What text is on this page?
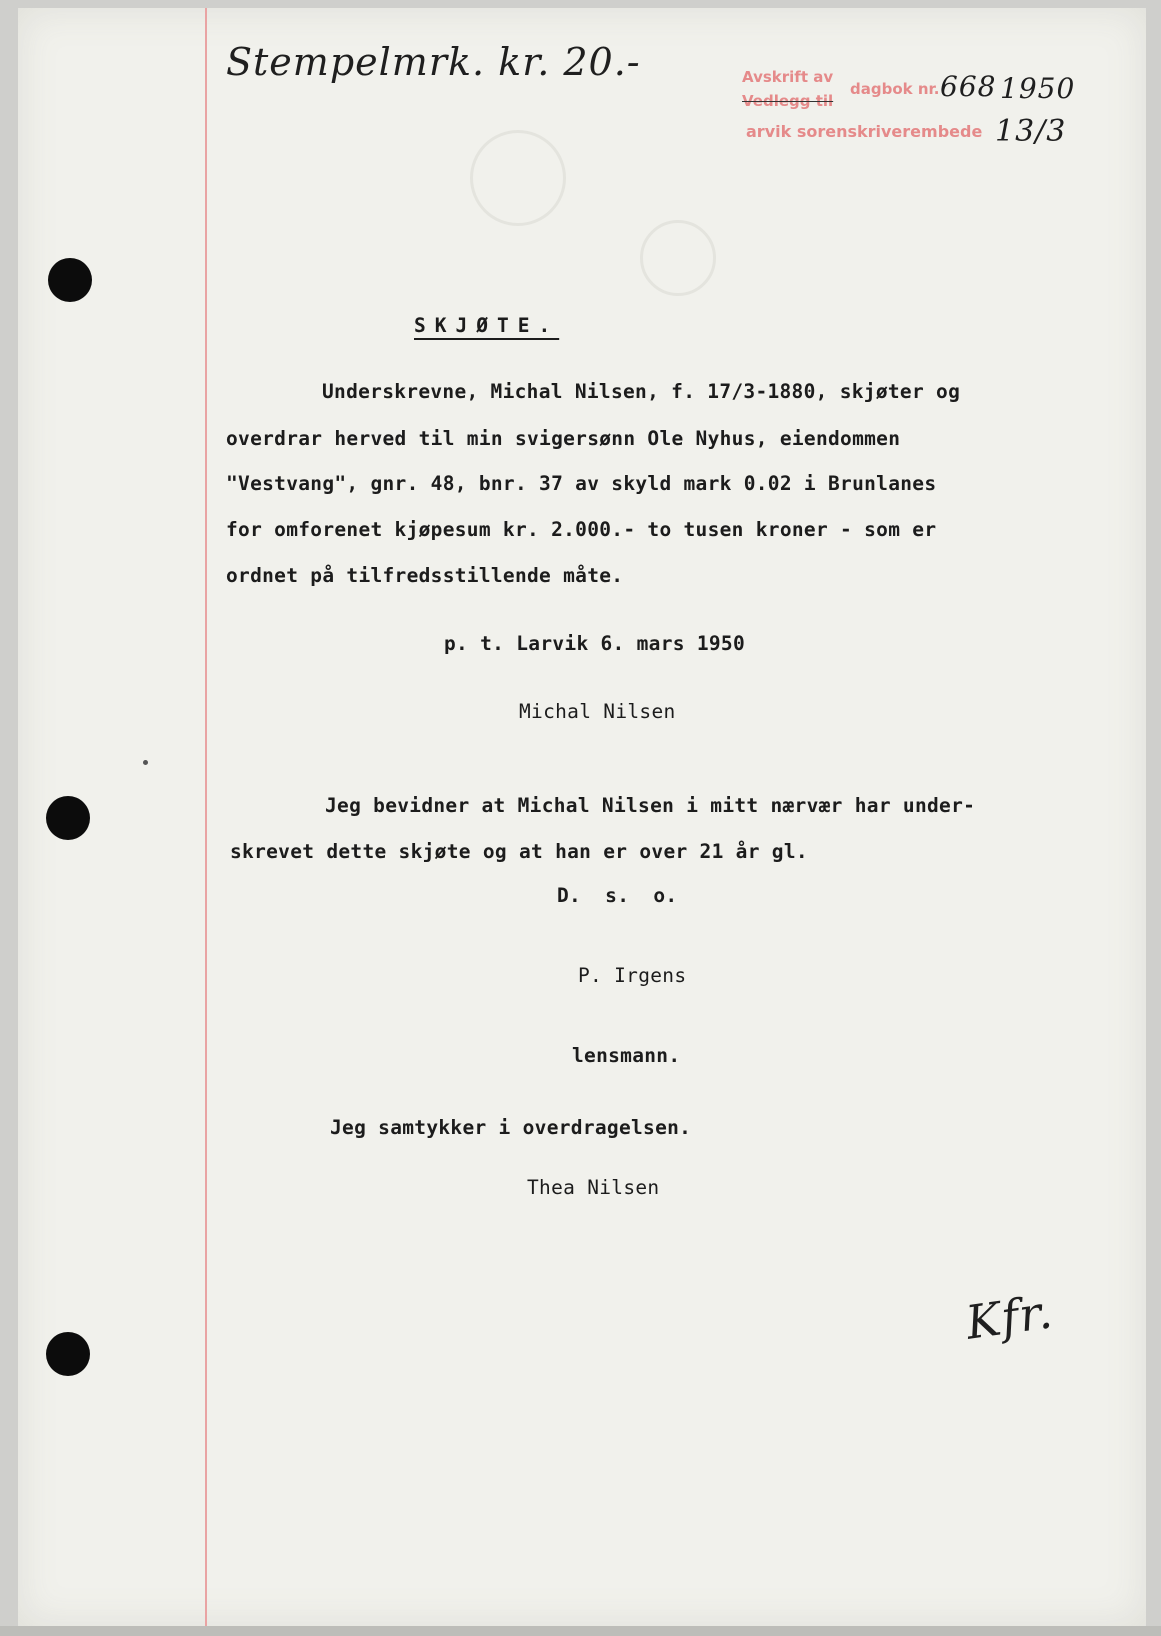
Stempelmrk. kr. 20.-	Avskrift av
dagbok nr. 668 1950
Vedlegg til
arvik sorenskriverembede 13/3
SKJØTE.
Underskrevne, Michal Nilsen, f. 17/3-1880, skjøter og
overdrar herved til min svigersønn Ole Nyhus, eiendommen
"Vestvang", gnr. 48, bnr. 37 av skyld mark 0.02 i Brunlanes
for omforenet kjøpesum kr. 2.000.- to tusen kroner - som er
ordnet på tilfredsstillende måte.
p. t. Larvik 6. mars 1950
Michal Nilsen
Jeg bevidner at Michal Nilsen i mitt nærvær har under-
skrevet dette skjøte og at han er over 21 år gl.
D.  s.  o.
P. Irgens
lensmann.
Jeg samtykker i overdragelsen.
Thea Nilsen
Kfr.
